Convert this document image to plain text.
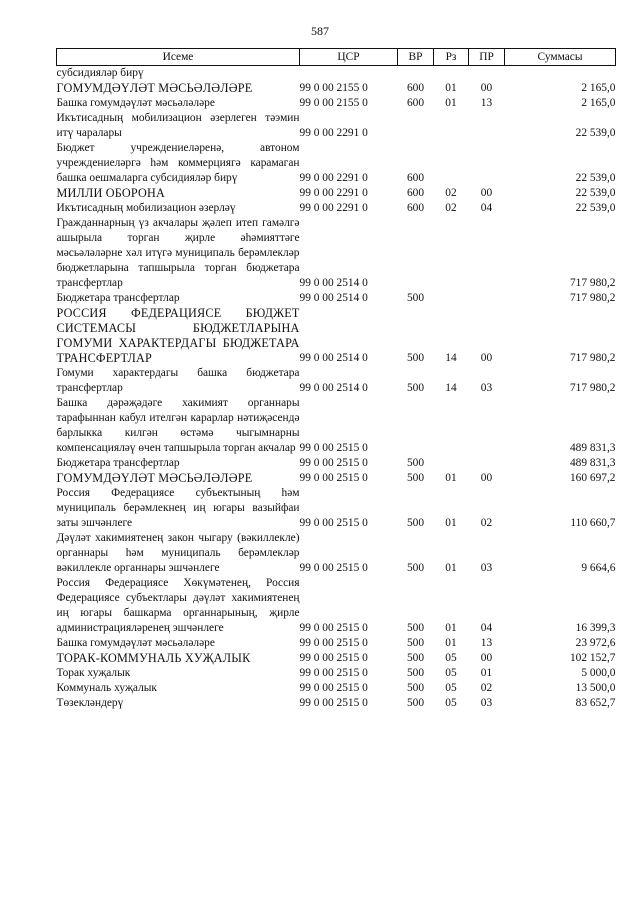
587
Исеме	ЦСР	ВР	Рз	ПР	Суммасы
субсидияләр бирү					
ГОМУМДӘҮЛӘТ МӘСЬӘЛӘЛӘРЕ	99 0 00 2155 0	600	01	00	2 165,0
Башка гомумдәүләт мәсьәләләре	99 0 00 2155 0	600	01	13	2 165,0
Икътисадның мобилизацион әзерлеген тәэмин итү чаралары	99 0 00 2291 0				22 539,0
Бюджет учреждениеләренә, автоном учреждениеләргә һәм коммерциягә карамаган башка оешмаларга субсидияләр бирү	99 0 00 2291 0	600			22 539,0
МИЛЛИ ОБОРОНА	99 0 00 2291 0	600	02	00	22 539,0
Икътисадның мобилизацион әзерләү	99 0 00 2291 0	600	02	04	22 539,0
Гражданнарның үз акчалары җәлеп итеп гамәлгә ашырыла торган җирле әһәмияттәге мәсьәләләрне хәл итүгә муниципаль берәмлекләр бюджетларына тапшырыла торган бюджетара трансфертлар	99 0 00 2514 0				717 980,2
Бюджетара трансфертлар	99 0 00 2514 0	500			717 980,2
РОССИЯ ФЕДЕРАЦИЯСЕ БЮДЖЕТ СИСТЕМАСЫ БЮДЖЕТЛАРЫНА ГОМУМИ ХАРАКТЕРДАГЫ БЮДЖЕТАРА ТРАНСФЕРТЛАР	99 0 00 2514 0	500	14	00	717 980,2
Гомуми характердагы башка бюджетара трансфертлар	99 0 00 2514 0	500	14	03	717 980,2
Башка дәрәҗәдәге хакимият органнары тарафыннан кабул ителгән карарлар нәтиҗәсендә барлыкка килгән өстәмә чыгымнарны компенсацияләү өчен тапшырыла торган акчалар	99 0 00 2515 0				489 831,3
Бюджетара трансфертлар	99 0 00 2515 0	500			489 831,3
ГОМУМДӘҮЛӘТ МӘСЬӘЛӘЛӘРЕ	99 0 00 2515 0	500	01	00	160 697,2
Россия Федерациясе субъектының һәм муниципаль берәмлекнең иң югары вазыйфаи заты эшчәнлеге	99 0 00 2515 0	500	01	02	110 660,7
Дәүләт хакимиятенең закон чыгару (вәкиллекле) органнары һәм муниципаль берәмлекләр вәкиллекле органнары эшчәнлеге	99 0 00 2515 0	500	01	03	9 664,6
Россия Федерациясе Хөкүмәтенең, Россия Федерациясе субъектлары дәүләт хакимиятенең иң югары башкарма органнарының, җирле администрацияләренең эшчәнлеге	99 0 00 2515 0	500	01	04	16 399,3
Башка гомумдәүләт мәсьәләләре	99 0 00 2515 0	500	01	13	23 972,6
ТОРАК-КОММУНАЛЬ ХУҖАЛЫК	99 0 00 2515 0	500	05	00	102 152,7
Торак хуҗалык	99 0 00 2515 0	500	05	01	5 000,0
Коммуналь хуҗалык	99 0 00 2515 0	500	05	02	13 500,0
Төзекләндерү	99 0 00 2515 0	500	05	03	83 652,7
